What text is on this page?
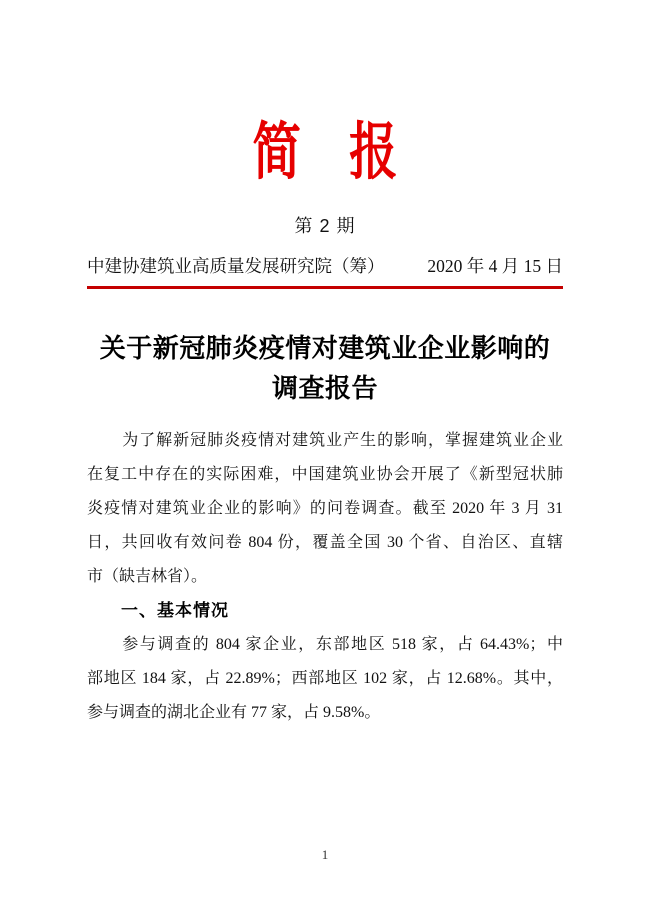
简　报
第 2 期
中建协建筑业高质量发展研究院（筹） 2020 年 4 月 15 日
关于新冠肺炎疫情对建筑业企业影响的
调查报告
为了解新冠肺炎疫情对建筑业产生的影响，掌握建筑业企业
在复工中存在的实际困难，中国建筑业协会开展了《新型冠状肺
炎疫情对建筑业企业的影响》的问卷调查。截至 2020 年 3 月 31
日，共回收有效问卷 804 份，覆盖全国 30 个省、自治区、直辖
市（缺吉林省）。
一、基本情况
参与调查的 804 家企业，东部地区 518 家，占 64.43%；中
部地区 184 家，占 22.89%；西部地区 102 家，占 12.68%。其中，
参与调查的湖北企业有 77 家，占 9.58%。
1
